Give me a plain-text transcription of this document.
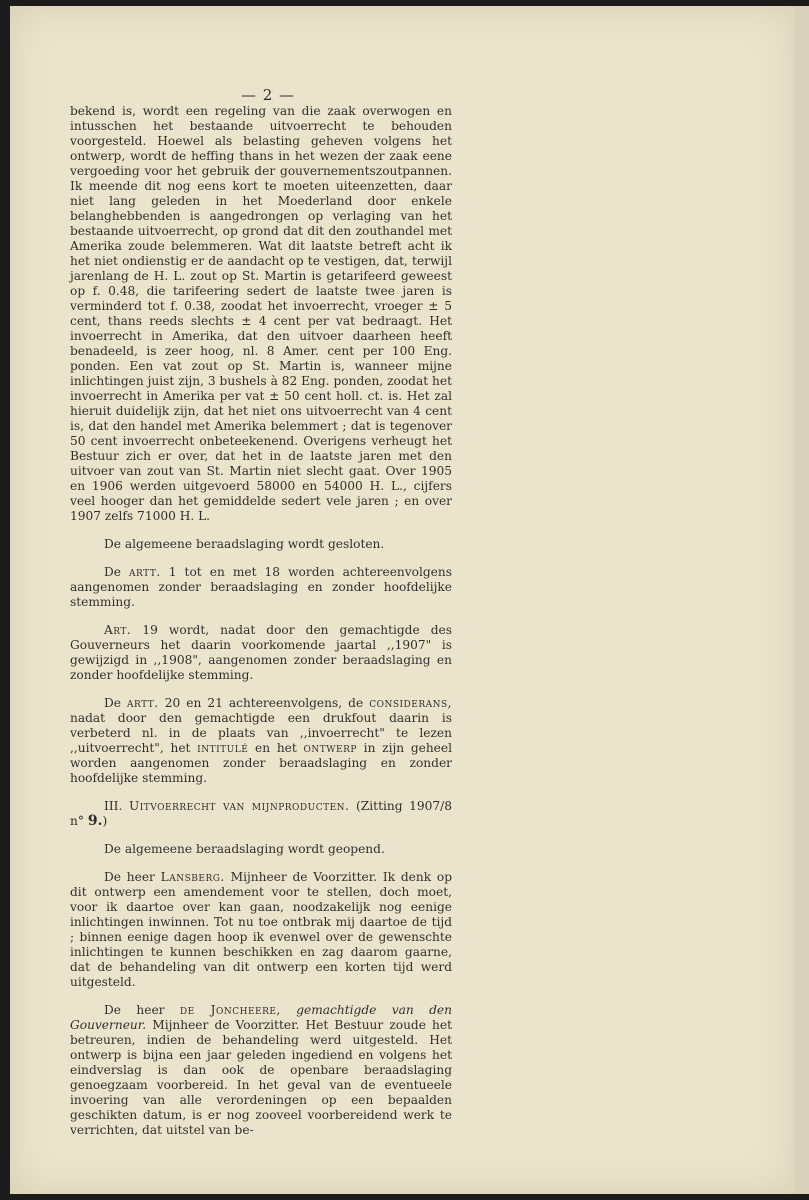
— 2 —

bekend is, wordt een regeling van die zaak overwogen en intusschen het bestaande uitvoerrecht te behouden voorgesteld. Hoewel als belasting geheven volgens het ontwerp, wordt de heffing thans in het wezen der zaak eene vergoeding voor het gebruik der gouvernementszoutpannen. Ik meende dit nog eens kort te moeten uiteenzetten, daar niet lang geleden in het Moederland door enkele belanghebbenden is aangedrongen op verlaging van het bestaande uitvoerrecht, op grond dat dit den zouthandel met Amerika zoude belemmeren. Wat dit laatste betreft acht ik het niet ondienstig er de aandacht op te vestigen, dat, terwijl jarenlang de H. L. zout op St. Martin is getarifeerd geweest op f. 0.48, die tarifeering sedert de laatste twee jaren is verminderd tot f. 0.38, zoodat het invoerrecht, vroeger ± 5 cent, thans reeds slechts ± 4 cent per vat bedraagt. Het invoerrecht in Amerika, dat den uitvoer daarheen heeft benadeeld, is zeer hoog, nl. 8 Amer. cent per 100 Eng. ponden. Een vat zout op St. Martin is, wanneer mijne inlichtingen juist zijn, 3 bushels à 82 Eng. ponden, zoodat het invoerrecht in Amerika per vat ± 50 cent holl. ct. is. Het zal hieruit duidelijk zijn, dat het niet ons uitvoerrecht van 4 cent is, dat den handel met Amerika belemmert ; dat is tegenover 50 cent invoerrecht onbeteekenend. Overigens verheugt het Bestuur zich er over, dat het in de laatste jaren met den uitvoer van zout van St. Martin niet slecht gaat. Over 1905 en 1906 werden uitgevoerd 58000 en 54000 H. L., cijfers veel hooger dan het gemiddelde sedert vele jaren ; en over 1907 zelfs 71000 H. L.

De algemeene beraadslaging wordt gesloten.

De artt. 1 tot en met 18 worden achtereenvolgens aangenomen zonder beraadslaging en zonder hoofdelijke stemming.

Art. 19 wordt, nadat door den gemachtigde des Gouverneurs het daarin voorkomende jaartal ,,1907" is gewijzigd in ,,1908", aangenomen zonder beraadslaging en zonder hoofdelijke stemming.

De artt. 20 en 21 achtereenvolgens, de considerans, nadat door den gemachtigde een drukfout daarin is verbeterd nl. in de plaats van ,,invoerrecht" te lezen ,,uitvoerrecht", het intitulé en het ontwerp in zijn geheel worden aangenomen zonder beraadslaging en zonder hoofdelijke stemming.

III. Uitvoerrecht van mijnproducten. (Zitting 1907/8 n° 9.)

De algemeene beraadslaging wordt geopend.

De heer Lansberg. Mijnheer de Voorzitter. Ik denk op dit ontwerp een amendement voor te stellen, doch moet, voor ik daartoe over kan gaan, noodzakelijk nog eenige inlichtingen inwinnen. Tot nu toe ontbrak mij daartoe de tijd ; binnen eenige dagen hoop ik evenwel over de gewenschte inlichtingen te kunnen beschikken en zag daarom gaarne, dat de behandeling van dit ontwerp een korten tijd werd uitgesteld.

De heer de Joncheere, gemachtigde van den Gouverneur. Mijnheer de Voorzitter. Het Bestuur zoude het betreuren, indien de behandeling werd uitgesteld. Het ontwerp is bijna een jaar geleden ingediend en volgens het eindverslag is dan ook de openbare beraadslaging genoegzaam voorbereid. In het geval van de eventueele invoering van alle verordeningen op een bepaalden geschikten datum, is er nog zooveel voorbereidend werk te verrichten, dat uitstel van be-
